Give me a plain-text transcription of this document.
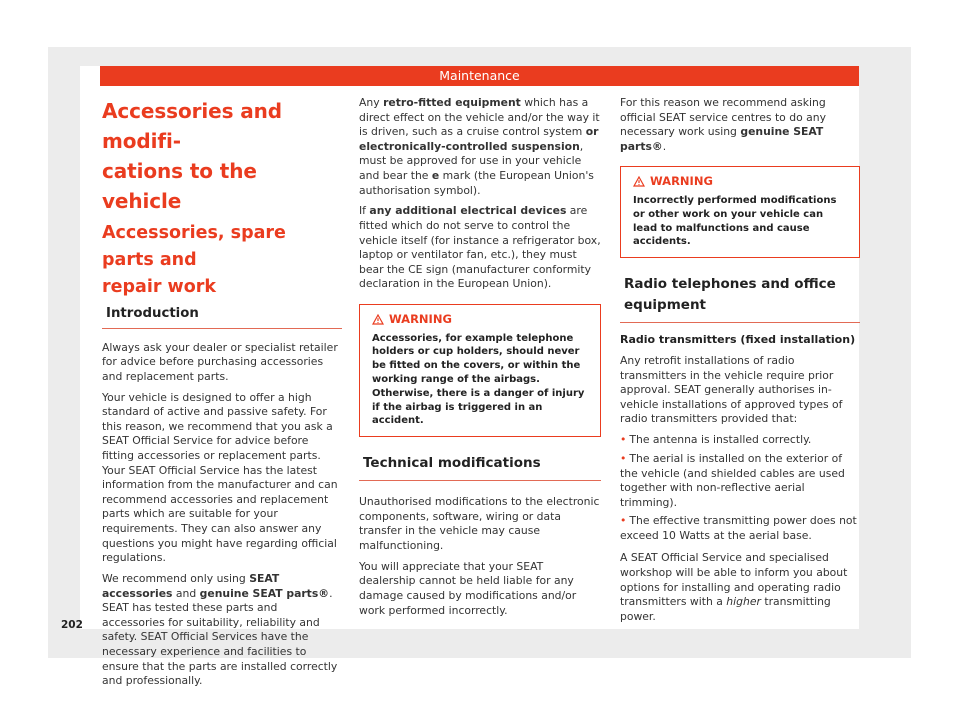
Maintenance
Accessories and modifi-
cations to the vehicle
Accessories, spare parts and
repair work
Introduction

Always ask your dealer or specialist retailer for advice before purchasing accessories and replacement parts.

Your vehicle is designed to offer a high standard of active and passive safety. For this reason, we recommend that you ask a SEAT Official Service for advice before fitting accessories or replacement parts. Your SEAT Official Service has the latest information from the manufacturer and can recommend accessories and replacement parts which are suitable for your requirements. They can also answer any questions you might have regarding official regulations.

We recommend only using SEAT accessories and genuine SEAT parts®. SEAT has tested these parts and accessories for suitability, reliability and safety. SEAT Official Services have the necessary experience and facilities to ensure that the parts are installed correctly and professionally.

Any retro-fitted equipment which has a direct effect on the vehicle and/or the way it is driven, such as a cruise control system or electronically-controlled suspension, must be approved for use in your vehicle and bear the e mark (the European Union's authorisation symbol).

If any additional electrical devices are fitted which do not serve to control the vehicle itself (for instance a refrigerator box, laptop or ventilator fan, etc.), they must bear the CE sign (manufacturer conformity declaration in the European Union).

WARNING
Accessories, for example telephone holders or cup holders, should never be fitted on the covers, or within the working range of the airbags. Otherwise, there is a danger of injury if the airbag is triggered in an accident.
Technical modifications

Unauthorised modifications to the electronic components, software, wiring or data transfer in the vehicle may cause malfunctioning.

You will appreciate that your SEAT dealership cannot be held liable for any damage caused by modifications and/or work performed incorrectly.

For this reason we recommend asking official SEAT service centres to do any necessary work using genuine SEAT parts®.

WARNING
Incorrectly performed modifications or other work on your vehicle can lead to malfunctions and cause accidents.
Radio telephones and office equipment

Radio transmitters (fixed installation)

Any retrofit installations of radio transmitters in the vehicle require prior approval. SEAT generally authorises in-vehicle installations of approved types of radio transmitters provided that:

• The antenna is installed correctly.
• The aerial is installed on the exterior of the vehicle (and shielded cables are used together with non-reflective aerial trimming).
• The effective transmitting power does not exceed 10 Watts at the aerial base.

A SEAT Official Service and specialised workshop will be able to inform you about options for installing and operating radio transmitters with a higher transmitting power.

202
